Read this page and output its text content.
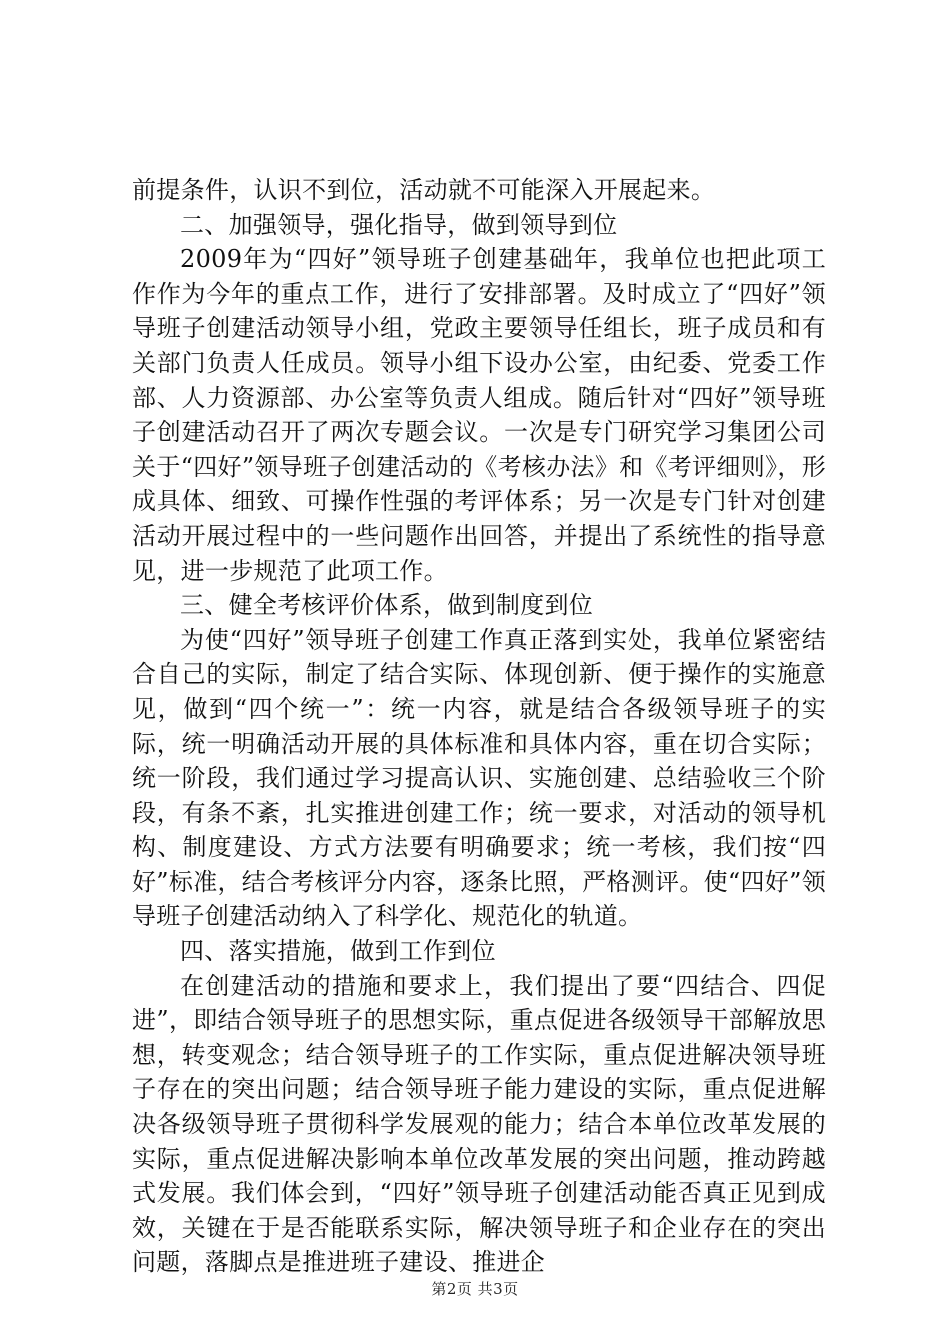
前提条件，认识不到位，活动就不可能深入开展起来。

二、加强领导，强化指导，做到领导到位

2009年为“四好”领导班子创建基础年，我单位也把此项工作作为今年的重点工作，进行了安排部署。及时成立了“四好”领导班子创建活动领导小组，党政主要领导任组长，班子成员和有关部门负责人任成员。领导小组下设办公室，由纪委、党委工作部、人力资源部、办公室等负责人组成。随后针对“四好”领导班子创建活动召开了两次专题会议。一次是专门研究学习集团公司关于“四好”领导班子创建活动的《考核办法》和《考评细则》，形成具体、细致、可操作性强的考评体系；另一次是专门针对创建活动开展过程中的一些问题作出回答，并提出了系统性的指导意见，进一步规范了此项工作。

三、健全考核评价体系，做到制度到位

为使“四好”领导班子创建工作真正落到实处，我单位紧密结合自己的实际，制定了结合实际、体现创新、便于操作的实施意见，做到“四个统一”：统一内容，就是结合各级领导班子的实际，统一明确活动开展的具体标准和具体内容，重在切合实际；统一阶段，我们通过学习提高认识、实施创建、总结验收三个阶段，有条不紊，扎实推进创建工作；统一要求，对活动的领导机构、制度建设、方式方法要有明确要求；统一考核，我们按“四好”标准，结合考核评分内容，逐条比照，严格测评。使“四好”领导班子创建活动纳入了科学化、规范化的轨道。

四、落实措施，做到工作到位

在创建活动的措施和要求上，我们提出了要“四结合、四促进”，即结合领导班子的思想实际，重点促进各级领导干部解放思想，转变观念；结合领导班子的工作实际，重点促进解决领导班子存在的突出问题；结合领导班子能力建设的实际，重点促进解决各级领导班子贯彻科学发展观的能力；结合本单位改革发展的实际，重点促进解决影响本单位改革发展的突出问题，推动跨越式发展。我们体会到，“四好”领导班子创建活动能否真正见到成效，关键在于是否能联系实际，解决领导班子和企业存在的突出问题，落脚点是推进班子建设、推进企

第2页 共3页
